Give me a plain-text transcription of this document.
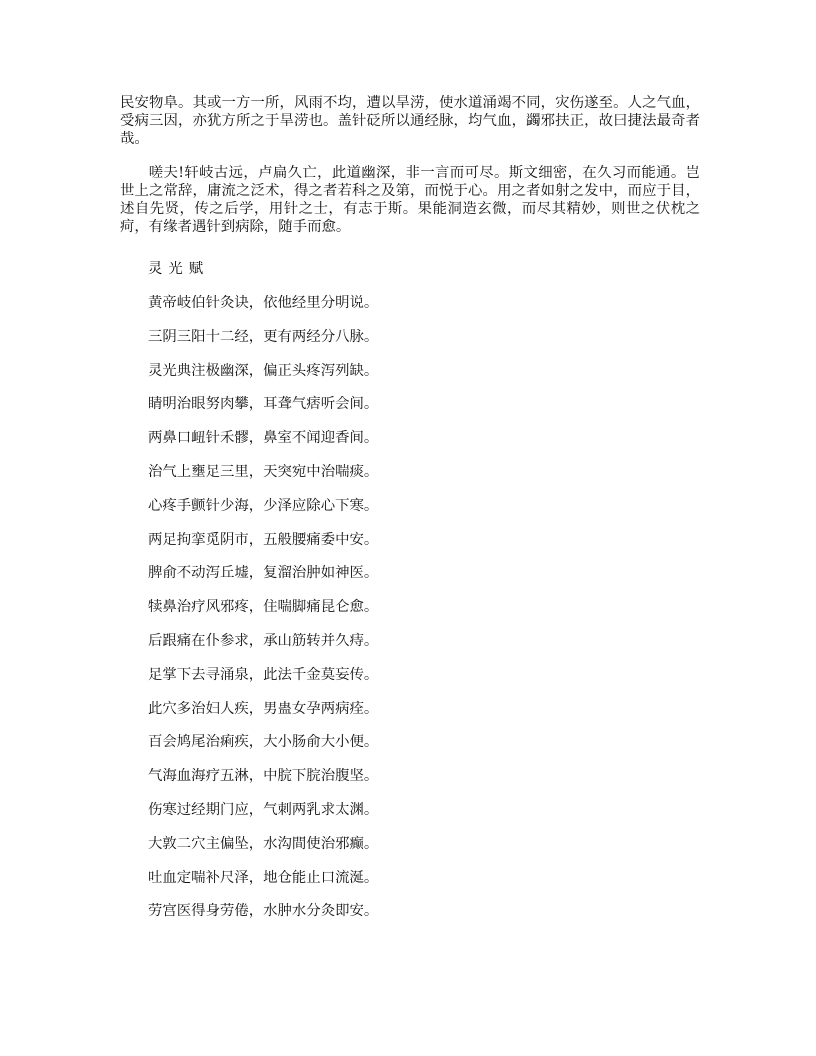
民安物阜。其或一方一所，风雨不均，遭以旱涝，使水道涌竭不同，灾伤遂至。人之气血，受病三因，亦犹方所之于旱涝也。盖针砭所以通经脉，均气血，蠲邪扶正，故曰捷法最奇者哉。

嗟夫!轩岐古远，卢扁久亡，此道幽深，非一言而可尽。斯文细密，在久习而能通。岂世上之常辞，庸流之泛术，得之者若科之及第，而悦于心。用之者如射之发中，而应于目，述自先贤，传之后学，用针之士，有志于斯。果能洞造玄微，而尽其精妙，则世之伏枕之疴，有缘者遇针到病除，随手而愈。

灵光赋
黄帝岐伯针灸诀，依他经里分明说。
三阴三阳十二经，更有两经分八脉。
灵光典注极幽深，偏正头疼泻列缺。
睛明治眼努肉攀，耳聋气痞听会间。
两鼻口衄针禾髎，鼻室不闻迎香间。
治气上壅足三里，天突宛中治喘痰。
心疼手颤针少海，少泽应除心下寒。
两足拘挛觅阴市，五般腰痛委中安。
脾俞不动泻丘墟，复溜治肿如神医。
犊鼻治疗风邪疼，住喘脚痛昆仑愈。
后跟痛在仆参求，承山筋转并久痔。
足掌下去寻涌泉，此法千金莫妄传。
此穴多治妇人疾，男蛊女孕两病痊。
百会鸠尾治痢疾，大小肠俞大小便。
气海血海疗五淋，中脘下脘治腹坚。
伤寒过经期门应，气刺两乳求太渊。
大敦二穴主偏坠，水沟間使治邪癫。
吐血定喘补尺泽，地仓能止口流涎。
劳宫医得身劳倦，水肿水分灸即安。
